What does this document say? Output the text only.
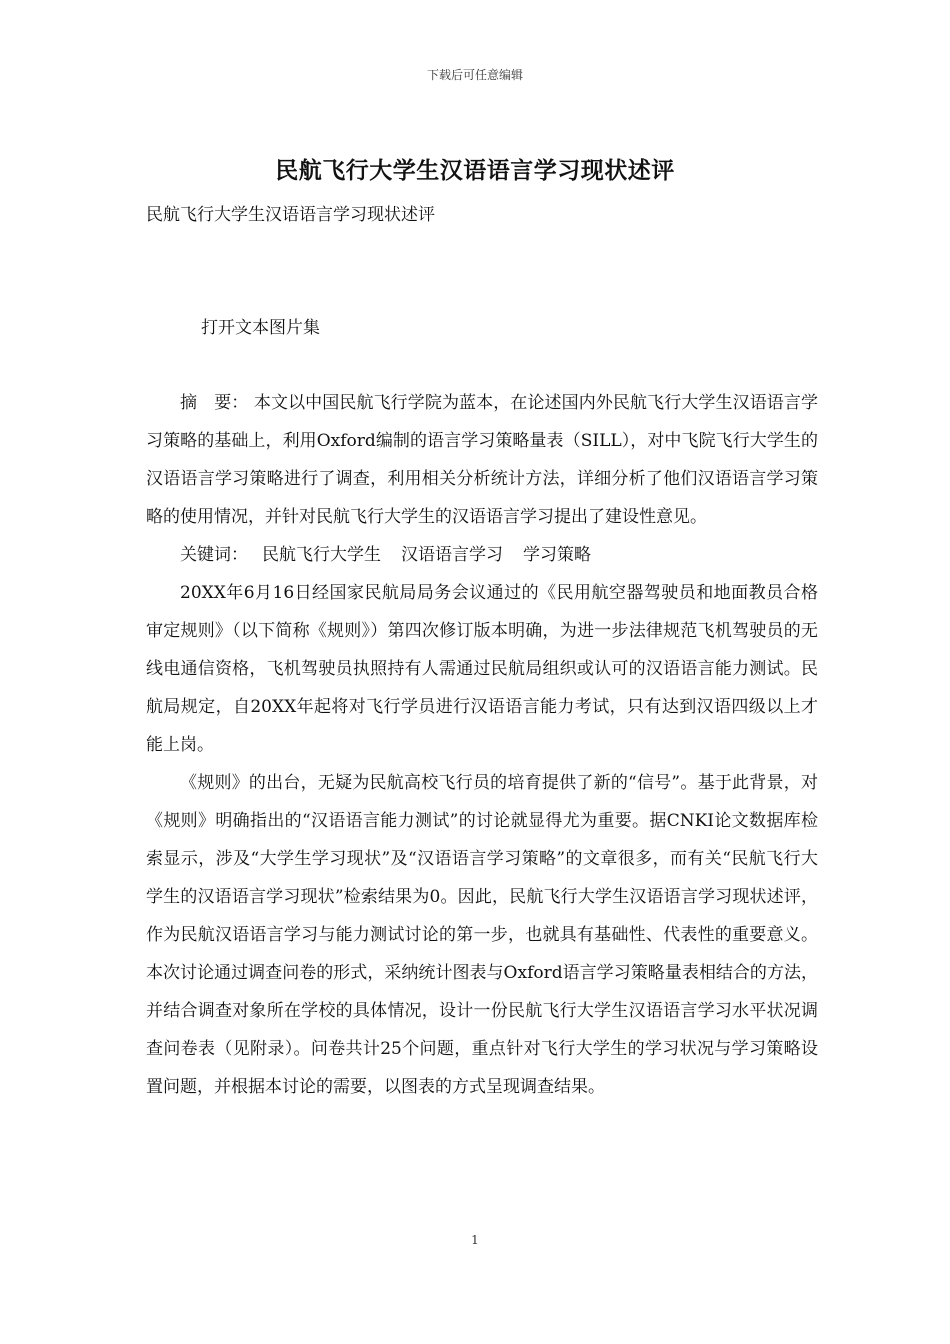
下载后可任意编辑
民航飞行大学生汉语语言学习现状述评
民航飞行大学生汉语语言学习现状述评
打开文本图片集

摘　要： 本文以中国民航飞行学院为蓝本，在论述国内外民航飞行大学生汉语语言学习策略的基础上，利用Oxford编制的语言学习策略量表（SILL），对中飞院飞行大学生的汉语语言学习策略进行了调查，利用相关分析统计方法，详细分析了他们汉语语言学习策略的使用情况，并针对民航飞行大学生的汉语语言学习提出了建设性意见。

关键词： 民航飞行大学生 汉语语言学习 学习策略

20XX年6月16日经国家民航局局务会议通过的《民用航空器驾驶员和地面教员合格审定规则》（以下简称《规则》）第四次修订版本明确，为进一步法律规范飞机驾驶员的无线电通信资格，飞机驾驶员执照持有人需通过民航局组织或认可的汉语语言能力测试。民航局规定，自20XX年起将对飞行学员进行汉语语言能力考试，只有达到汉语四级以上才能上岗。

《规则》的出台，无疑为民航高校飞行员的培育提供了新的“信号”。基于此背景，对《规则》明确指出的“汉语语言能力测试”的讨论就显得尤为重要。据CNKI论文数据库检索显示，涉及“大学生学习现状”及“汉语语言学习策略”的文章很多，而有关“民航飞行大学生的汉语语言学习现状”检索结果为0。因此，民航飞行大学生汉语语言学习现状述评，作为民航汉语语言学习与能力测试讨论的第一步，也就具有基础性、代表性的重要意义。本次讨论通过调查问卷的形式，采纳统计图表与Oxford语言学习策略量表相结合的方法，并结合调查对象所在学校的具体情况，设计一份民航飞行大学生汉语语言学习水平状况调查问卷表（见附录）。问卷共计25个问题，重点针对飞行大学生的学习状况与学习策略设置问题，并根据本讨论的需要，以图表的方式呈现调查结果。

1
